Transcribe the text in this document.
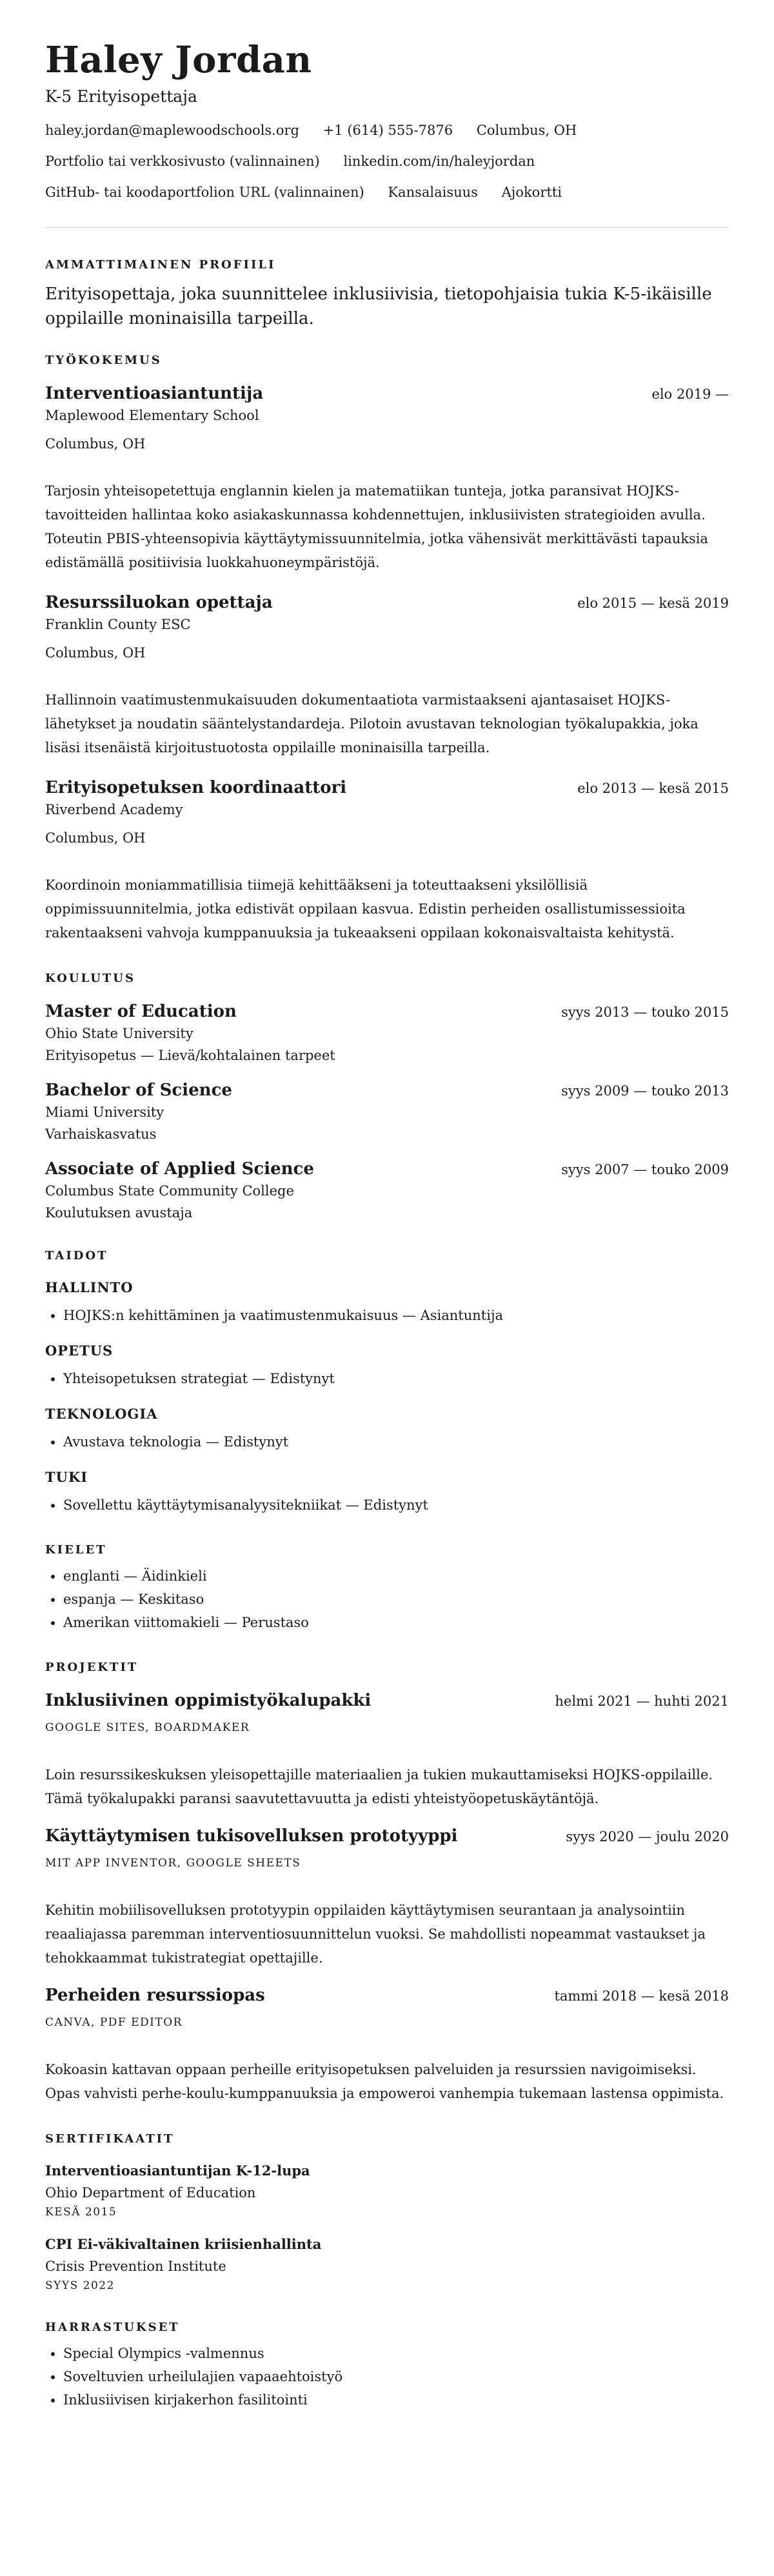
Haley Jordan
K-5 Erityisopettaja
haley.jordan@maplewoodschools.org +1 (614) 555-7876 Columbus, OH
Portfolio tai verkkosivusto (valinnainen) linkedin.com/in/haleyjordan
GitHub- tai koodaportfolion URL (valinnainen) Kansalaisuus Ajokortti
AMMATTIMAINEN PROFIILI
Erityisopettaja, joka suunnittelee inklusiivisia, tietopohjaisia tukia K-5-ikäisille oppilaille moninaisilla tarpeilla.
TYÖKOKEMUS
Interventioasiantuntija	elo 2019 —
Maplewood Elementary School
Columbus, OH
Tarjosin yhteisopetettuja englannin kielen ja matematiikan tunteja, jotka paransivat HOJKS-tavoitteiden hallintaa koko asiakaskunnassa kohdennettujen, inklusiivisten strategioiden avulla. Toteutin PBIS-yhteensopivia käyttäytymissuunnitelmia, jotka vähensivät merkittävästi tapauksia edistämällä positiivisia luokkahuoneympäristöjä.
Resurssiluokan opettaja	elo 2015 — kesä 2019
Franklin County ESC
Columbus, OH
Hallinnoin vaatimustenmukaisuuden dokumentaatiota varmistaakseni ajantasaiset HOJKS-lähetykset ja noudatin sääntelystandardeja. Pilotoin avustavan teknologian työkalupakkia, joka lisäsi itsenäistä kirjoitustuotosta oppilaille moninaisilla tarpeilla.
Erityisopetuksen koordinaattori	elo 2013 — kesä 2015
Riverbend Academy
Columbus, OH
Koordinoin moniammatillisia tiimejä kehittääkseni ja toteuttaakseni yksilöllisiä oppimissuunnitelmia, jotka edistivät oppilaan kasvua. Edistin perheiden osallistumissessioita rakentaakseni vahvoja kumppanuuksia ja tukeaakseni oppilaan kokonaisvaltaista kehitystä.
KOULUTUS
Master of Education	syys 2013 — touko 2015
Ohio State University
Erityisopetus — Lievä/kohtalainen tarpeet
Bachelor of Science	syys 2009 — touko 2013
Miami University
Varhaiskasvatus
Associate of Applied Science	syys 2007 — touko 2009
Columbus State Community College
Koulutuksen avustaja
TAIDOT
HALLINTO
• HOJKS:n kehittäminen ja vaatimustenmukaisuus — Asiantuntija
OPETUS
• Yhteisopetuksen strategiat — Edistynyt
TEKNOLOGIA
• Avustava teknologia — Edistynyt
TUKI
• Sovellettu käyttäytymisanalyysitekniikat — Edistynyt
KIELET
• englanti — Äidinkieli
• espanja — Keskitaso
• Amerikan viittomakieli — Perustaso
PROJEKTIT
Inklusiivinen oppimistyökalupakki	helmi 2021 — huhti 2021
GOOGLE SITES, BOARDMAKER
Loin resurssikeskuksen yleisopettajille materiaalien ja tukien mukauttamiseksi HOJKS-oppilaille. Tämä työkalupakki paransi saavutettavuutta ja edisti yhteistyöopetuskäytäntöjä.
Käyttäytymisen tukisovelluksen prototyyppi	syys 2020 — joulu 2020
MIT APP INVENTOR, GOOGLE SHEETS
Kehitin mobiilisovelluksen prototyypin oppilaiden käyttäytymisen seurantaan ja analysointiin reaaliajassa paremman interventiosuunnittelun vuoksi. Se mahdollisti nopeammat vastaukset ja tehokkaammat tukistrategiat opettajille.
Perheiden resurssiopas	tammi 2018 — kesä 2018
CANVA, PDF EDITOR
Kokoasin kattavan oppaan perheille erityisopetuksen palveluiden ja resurssien navigoimiseksi. Opas vahvisti perhe-koulu-kumppanuuksia ja empoweroi vanhempia tukemaan lastensa oppimista.
SERTIFIKAATIT
Interventioasiantuntijan K-12-lupa
Ohio Department of Education
KESÄ 2015
CPI Ei-väkivaltainen kriisienhallinta
Crisis Prevention Institute
SYYS 2022
HARRASTUKSET
• Special Olympics -valmennus
• Soveltuvien urheilulajien vapaaehtoistyö
• Inklusiivisen kirjakerhon fasilitointi
